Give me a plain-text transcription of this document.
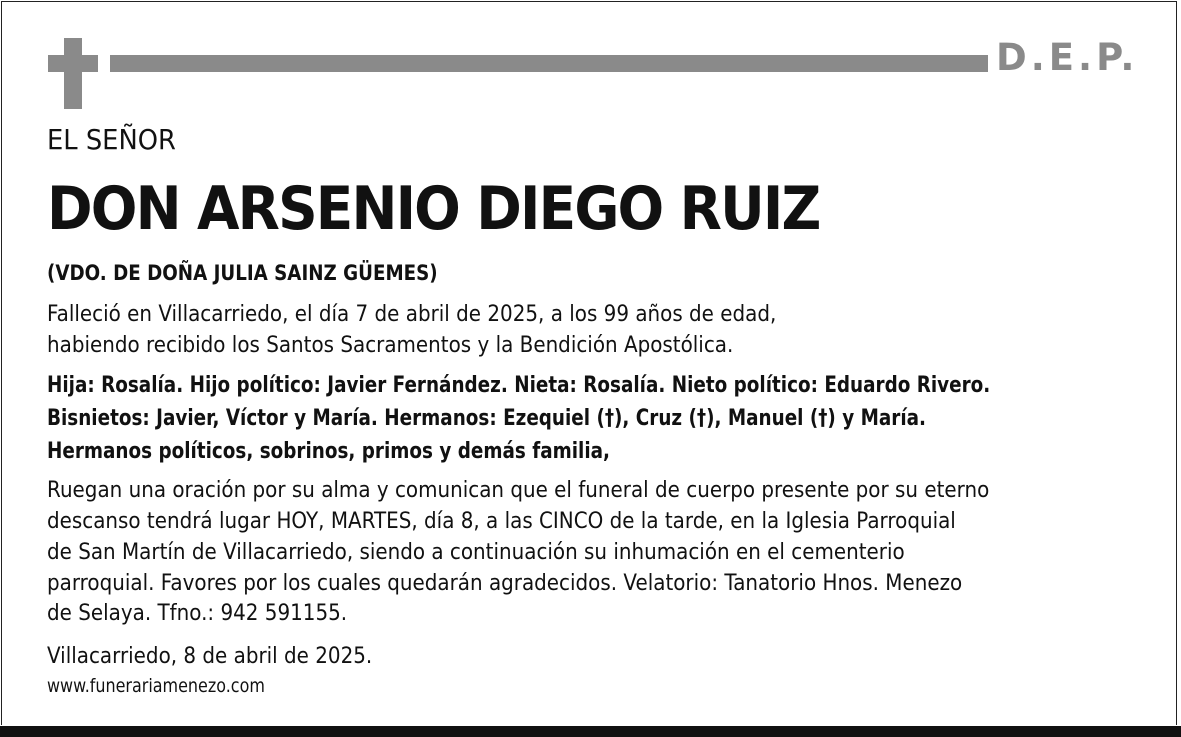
D.E.P.

EL SEÑOR

DON ARSENIO DIEGO RUIZ

(VDO. DE DOÑA JULIA SAINZ GÜEMES)

Falleció en Villacarriedo, el día 7 de abril de 2025, a los 99 años de edad,

habiendo recibido los Santos Sacramentos y la Bendición Apostólica.

Hija: Rosalía. Hijo político: Javier Fernández. Nieta: Rosalía. Nieto político: Eduardo Rivero.

Bisnietos: Javier, Víctor y María. Hermanos: Ezequiel (†), Cruz (†), Manuel (†) y María.

Hermanos políticos, sobrinos, primos y demás familia,

Ruegan una oración por su alma y comunican que el funeral de cuerpo presente por su eterno

descanso tendrá lugar HOY, MARTES, día 8, a las CINCO de la tarde, en la Iglesia Parroquial

de San Martín de Villacarriedo, siendo a continuación su inhumación en el cementerio

parroquial. Favores por los cuales quedarán agradecidos. Velatorio: Tanatorio Hnos. Menezo

de Selaya. Tfno.: 942 591155.

Villacarriedo, 8 de abril de 2025.

www.funerariamenezo.com
